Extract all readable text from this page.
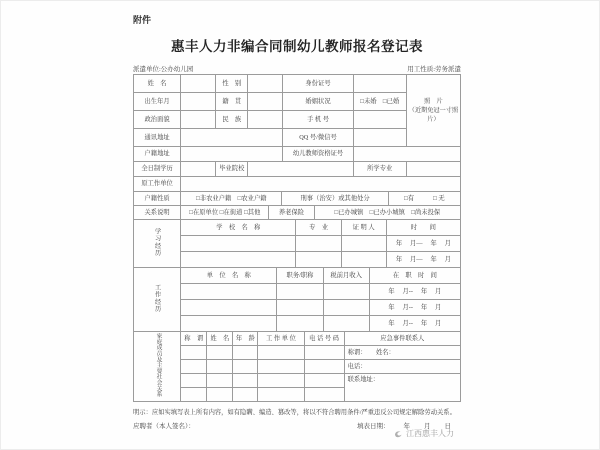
附件
惠丰人力非编合同制幼儿教师报名登记表
派遣单位:公办幼儿园	用工性质:劳务派遣
姓　名		性　别		身份证号		照　片
（近期免冠一寸照片）

出生年月		籍　贯		婚姻状况	□未婚　□已婚	
政治面貌		民　族		手 机 号		
通讯地址				QQ 号/微信号		
户籍地址				幼儿教师资格证号		
全日制学历		毕业院校			所学专业	
原工作单位						
户籍性质	□非农业户籍　□农业户籍	刑事（治安）或其他处分	□有　　　□ 无
关系说明	□在原单位 □在街道 □其他	养老保险	□已办城镇　□已办小城镇　□尚未投保
学习经历	学　校　名　称	专　业	证 明 人	时　　间
				年　 月—　 年　 月
				年　 月—　 年　 月
工作经历	单　位　名　称	职务/职称	税前月收入	在　职　时　间
				年　 月--　 年　 月
				年　 月--　 年　 月
				年　 月--　 年　 月
家庭成员及主要社会关系	称　谓	姓　名	年　龄	工 作 单 位	电 话 号 码	应急事件联系人
						称谓：　　姓名：
						电话：
						联系地址：

明示：应如实填写表上所有内容，如有隐瞒、编造、篡改等，将以不符合聘用条件/严重违反公司规定解除劳动关系。
应聘者（本人签名）：	填表日期： 年 月 日
江西惠丰人力
